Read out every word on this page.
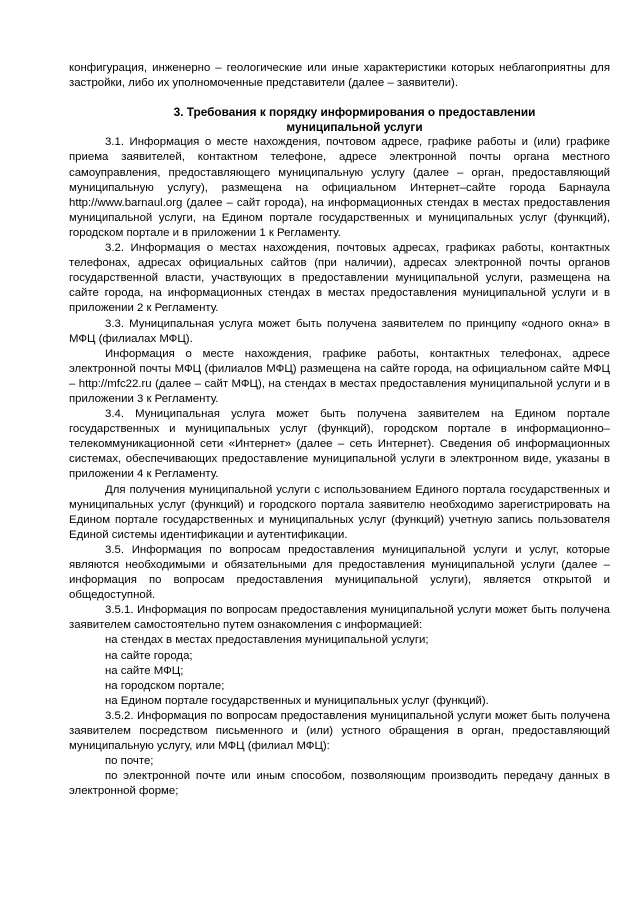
конфигурация, инженерно – геологические или иные характеристики которых неблагоприятны для застройки, либо их уполномоченные представители (далее – заявители).

3. Требования к порядку информирования о предоставлении
муниципальной услуги

3.1. Информация о месте нахождения, почтовом адресе, графике работы и (или) графике приема заявителей, контактном телефоне, адресе электронной почты органа местного самоуправления, предоставляющего муниципальную услугу (далее – орган, предоставляющий муниципальную услугу), размещена на официальном Интернет–сайте города Барнаула http://www.barnaul.org (далее – сайт города), на информационных стендах в местах предоставления муниципальной услуги, на Едином портале государственных и муниципальных услуг (функций), городском портале и в приложении 1 к Регламенту.

3.2. Информация о местах нахождения, почтовых адресах, графиках работы, контактных телефонах, адресах официальных сайтов (при наличии), адресах электронной почты органов государственной власти, участвующих в предоставлении муниципальной услуги, размещена на сайте города, на информационных стендах в местах предоставления муниципальной услуги и в приложении 2 к Регламенту.

3.3. Муниципальная услуга может быть получена заявителем по принципу «одного окна» в МФЦ (филиалах МФЦ).

Информация о месте нахождения, графике работы, контактных телефонах, адресе электронной почты МФЦ (филиалов МФЦ) размещена на сайте города, на официальном сайте МФЦ – http://mfc22.ru (далее – сайт МФЦ), на стендах в местах предоставления муниципальной услуги и в приложении 3 к Регламенту.

3.4. Муниципальная услуга может быть получена заявителем на Едином портале государственных и муниципальных услуг (функций), городском портале в информационно– телекоммуникационной сети «Интернет» (далее – сеть Интернет). Сведения об информационных системах, обеспечивающих предоставление муниципальной услуги в электронном виде, указаны в приложении 4 к Регламенту.

Для получения муниципальной услуги с использованием Единого портала государственных и муниципальных услуг (функций) и городского портала заявителю необходимо зарегистрировать на Едином портале государственных и муниципальных услуг (функций) учетную запись пользователя Единой системы идентификации и аутентификации.

3.5. Информация по вопросам предоставления муниципальной услуги и услуг, которые являются необходимыми и обязательными для предоставления муниципальной услуги (далее – информация по вопросам предоставления муниципальной услуги), является открытой и общедоступной.

3.5.1. Информация по вопросам предоставления муниципальной услуги может быть получена заявителем самостоятельно путем ознакомления с информацией:

на стендах в местах предоставления муниципальной услуги;

на сайте города;

на сайте МФЦ;

на городском портале;

на Едином портале государственных и муниципальных услуг (функций).

3.5.2. Информация по вопросам предоставления муниципальной услуги может быть получена заявителем посредством письменного и (или) устного обращения в орган, предоставляющий муниципальную услугу, или МФЦ (филиал МФЦ):

по почте;

по электронной почте или иным способом, позволяющим производить передачу данных в электронной форме;
